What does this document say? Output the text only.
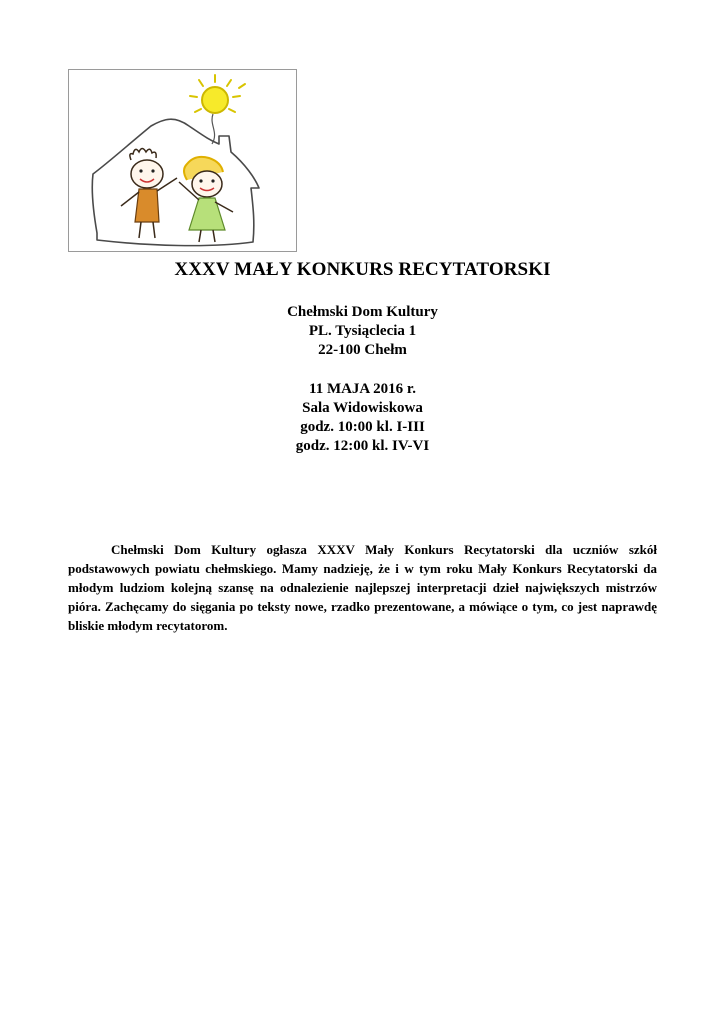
XXXV MAŁY KONKURS RECYTATORSKI
Chełmski Dom Kultury
PL. Tysiąclecia 1
22-100 Chełm
11 MAJA 2016 r.
Sala Widowiskowa
godz. 10:00 kl. I-III
godz. 12:00 kl. IV-VI
Chełmski Dom Kultury ogłasza XXXV Mały Konkurs Recytatorski dla uczniów szkół podstawowych powiatu chełmskiego. Mamy nadzieję, że i w tym roku Mały Konkurs Recytatorski da młodym ludziom kolejną szansę na odnalezienie najlepszej interpretacji dzieł największych mistrzów pióra. Zachęcamy do sięgania po teksty nowe, rzadko prezentowane, a mówiące o tym, co jest naprawdę bliskie młodym recytatorom.
